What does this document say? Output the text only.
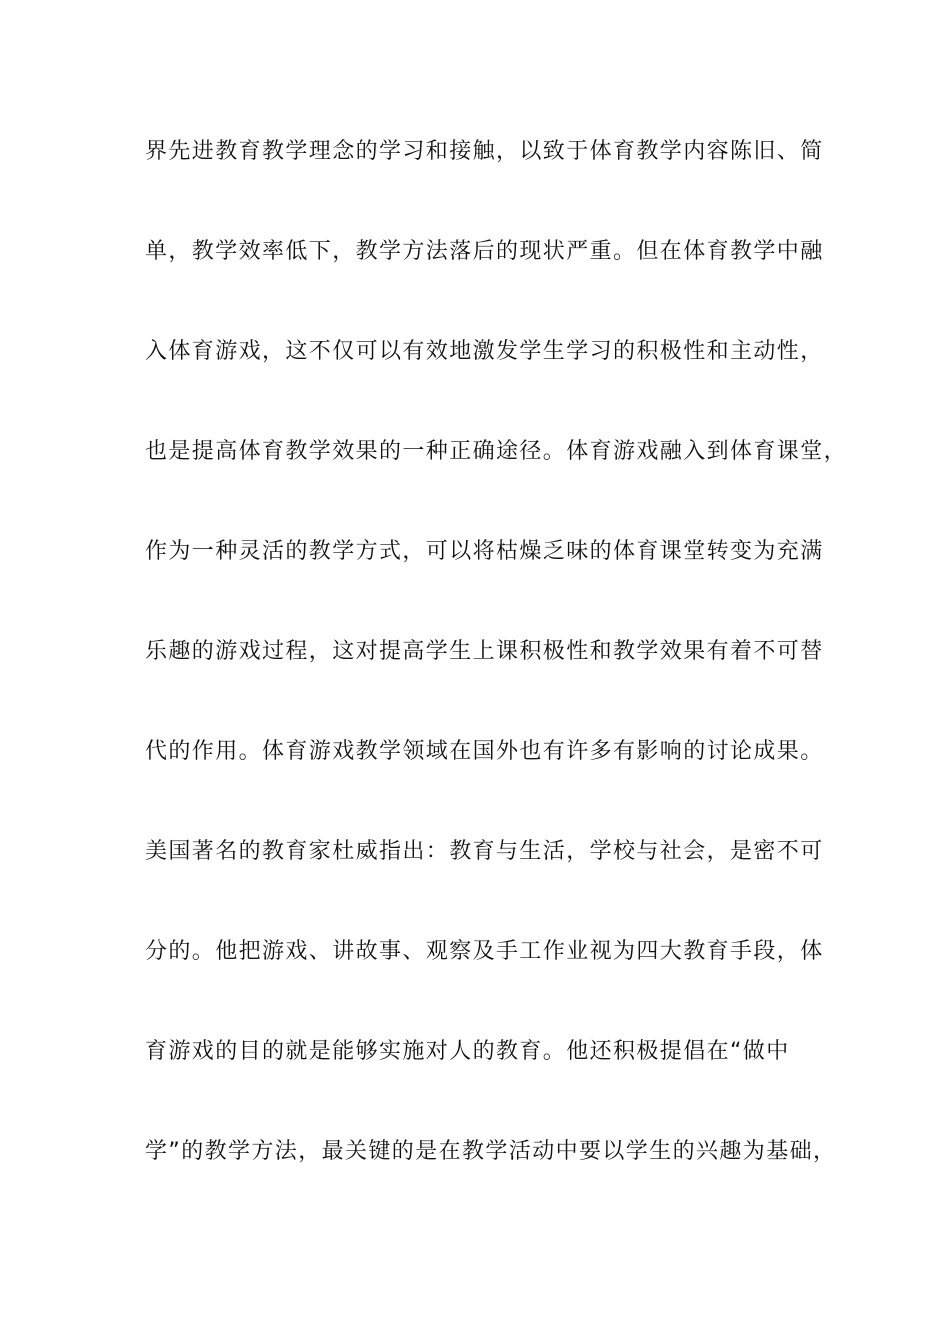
界先进教育教学理念的学习和接触，以致于体育教学内容陈旧、简
单，教学效率低下，教学方法落后的现状严重。但在体育教学中融
入体育游戏，这不仅可以有效地激发学生学习的积极性和主动性，
也是提高体育教学效果的一种正确途径。体育游戏融入到体育课堂，
作为一种灵活的教学方式，可以将枯燥乏味的体育课堂转变为充满
乐趣的游戏过程，这对提高学生上课积极性和教学效果有着不可替
代的作用。体育游戏教学领域在国外也有许多有影响的讨论成果。
美国著名的教育家杜威指出：教育与生活，学校与社会，是密不可
分的。他把游戏、讲故事、观察及手工作业视为四大教育手段，体
育游戏的目的就是能够实施对人的教育。他还积极提倡在“做中
学”的教学方法，最关键的是在教学活动中要以学生的兴趣为基础，
